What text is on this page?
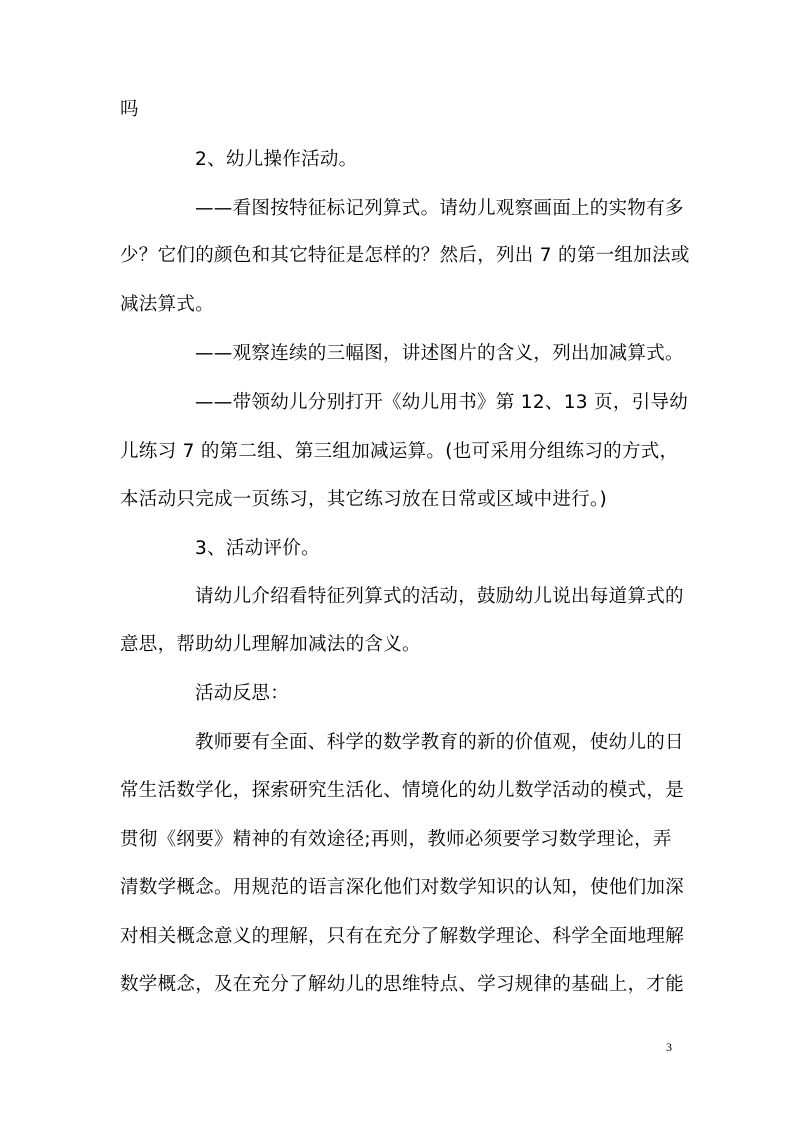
吗
2、幼儿操作活动。
——看图按特征标记列算式。请幼儿观察画面上的实物有多
少？它们的颜色和其它特征是怎样的？然后，列出 7 的第一组加法或
减法算式。
——观察连续的三幅图，讲述图片的含义，列出加减算式。
——带领幼儿分别打开《幼儿用书》第 12、13 页，引导幼
儿练习 7 的第二组、第三组加减运算。(也可采用分组练习的方式，
本活动只完成一页练习，其它练习放在日常或区域中进行。)
3、活动评价。
请幼儿介绍看特征列算式的活动，鼓励幼儿说出每道算式的
意思，帮助幼儿理解加减法的含义。
活动反思：
教师要有全面、科学的数学教育的新的价值观，使幼儿的日
常生活数学化，探索研究生活化、情境化的幼儿数学活动的模式，是
贯彻《纲要》精神的有效途径;再则，教师必须要学习数学理论，弄
清数学概念。用规范的语言深化他们对数学知识的认知，使他们加深
对相关概念意义的理解，只有在充分了解数学理论、科学全面地理解
数学概念，及在充分了解幼儿的思维特点、学习规律的基础上，才能
3
